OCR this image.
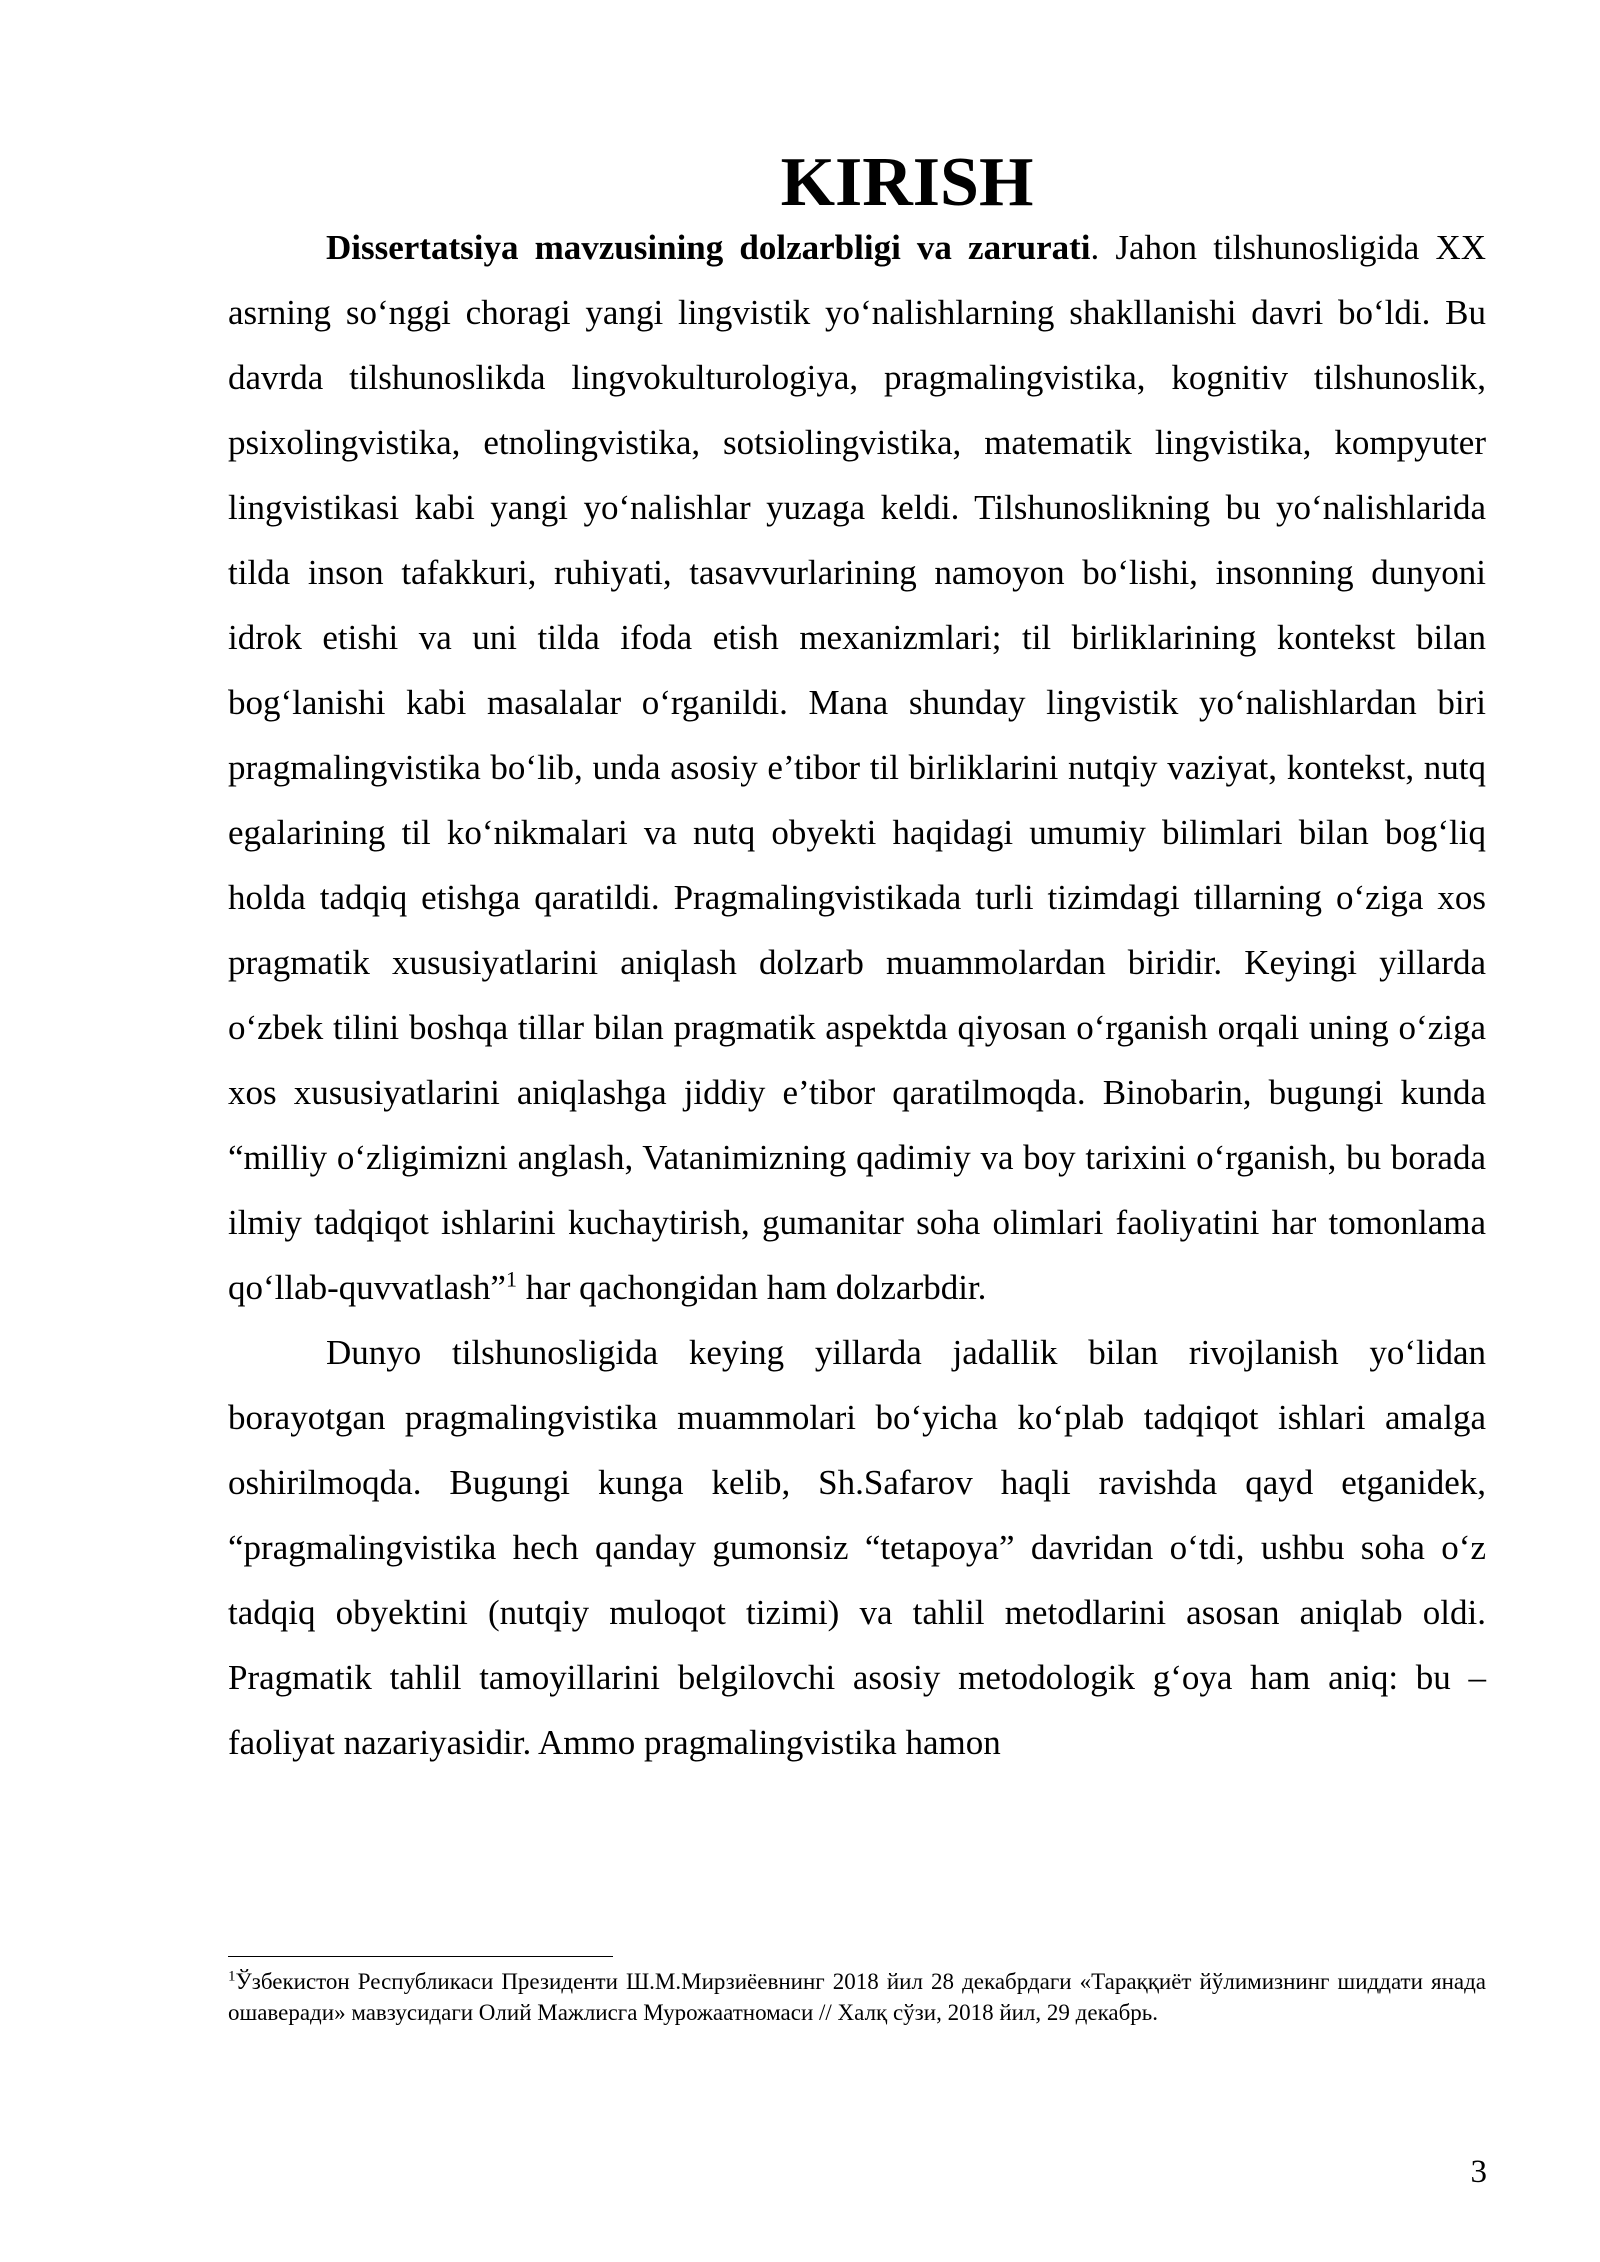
KIRISH

Dissertatsiya mavzusining dolzarbligi va zarurati. Jahon tilshunosligida XX asrning so‘nggi choragi yangi lingvistik yo‘nalishlarning shakllanishi davri bo‘ldi. Bu davrda tilshunoslikda lingvokulturologiya, pragmalingvistika, kognitiv tilshunoslik, psixolingvistika, etnolingvistika, sotsiolingvistika, matematik lingvistika, kompyuter lingvistikasi kabi yangi yo‘nalishlar yuzaga keldi. Tilshunoslikning bu yo‘nalishlarida tilda inson tafakkuri, ruhiyati, tasavvurlarining namoyon bo‘lishi, insonning dunyoni idrok etishi va uni tilda ifoda etish mexanizmlari; til birliklarining kontekst bilan bog‘lanishi kabi masalalar o‘rganildi. Mana shunday lingvistik yo‘nalishlardan biri pragmalingvistika bo‘lib, unda asosiy e’tibor til birliklarini nutqiy vaziyat, kontekst, nutq egalarining til ko‘nikmalari va nutq obyekti haqidagi umumiy bilimlari bilan bog‘liq holda tadqiq etishga qaratildi. Pragmalingvistikada turli tizimdagi tillarning o‘ziga xos pragmatik xususiyatlarini aniqlash dolzarb muammolardan biridir. Keyingi yillarda o‘zbek tilini boshqa tillar bilan pragmatik aspektda qiyosan o‘rganish orqali uning o‘ziga xos xususiyatlarini aniqlashga jiddiy e’tibor qaratilmoqda. Binobarin, bugungi kunda “milliy o‘zligimizni anglash, Vatanimizning qadimiy va boy tarixini o‘rganish, bu borada ilmiy tadqiqot ishlarini kuchaytirish, gumanitar soha olimlari faoliyatini har tomonlama qo‘llab-quvvatlash”$^1$ har qachongidan ham dolzarbdir.

Dunyo tilshunosligida keying yillarda jadallik bilan rivojlanish yo‘lidan borayotgan pragmalingvistika muammolari bo‘yicha ko‘plab tadqiqot ishlari amalga oshirilmoqda. Bugungi kunga kelib, Sh.Safarov haqli ravishda qayd etganidek, “pragmalingvistika hech qanday gumonsiz “tetapoya” davridan o‘tdi, ushbu soha o‘z tadqiq obyektini (nutqiy muloqot tizimi) va tahlil metodlarini asosan aniqlab oldi. Pragmatik tahlil tamoyillarini belgilovchi asosiy metodologik g‘oya ham aniq: bu – faoliyat nazariyasidir. Ammo pragmalingvistika hamon

$^1$Ўзбекистон Республикаси Президенти Ш.М.Мирзиёевнинг 2018 йил 28 декабрдаги «Тараққиёт йўлимизнинг шиддати янада ошаверади» мавзусидаги Олий Мажлисга Мурожаатномаси // Халқ сўзи, 2018 йил, 29 декабрь.

3
